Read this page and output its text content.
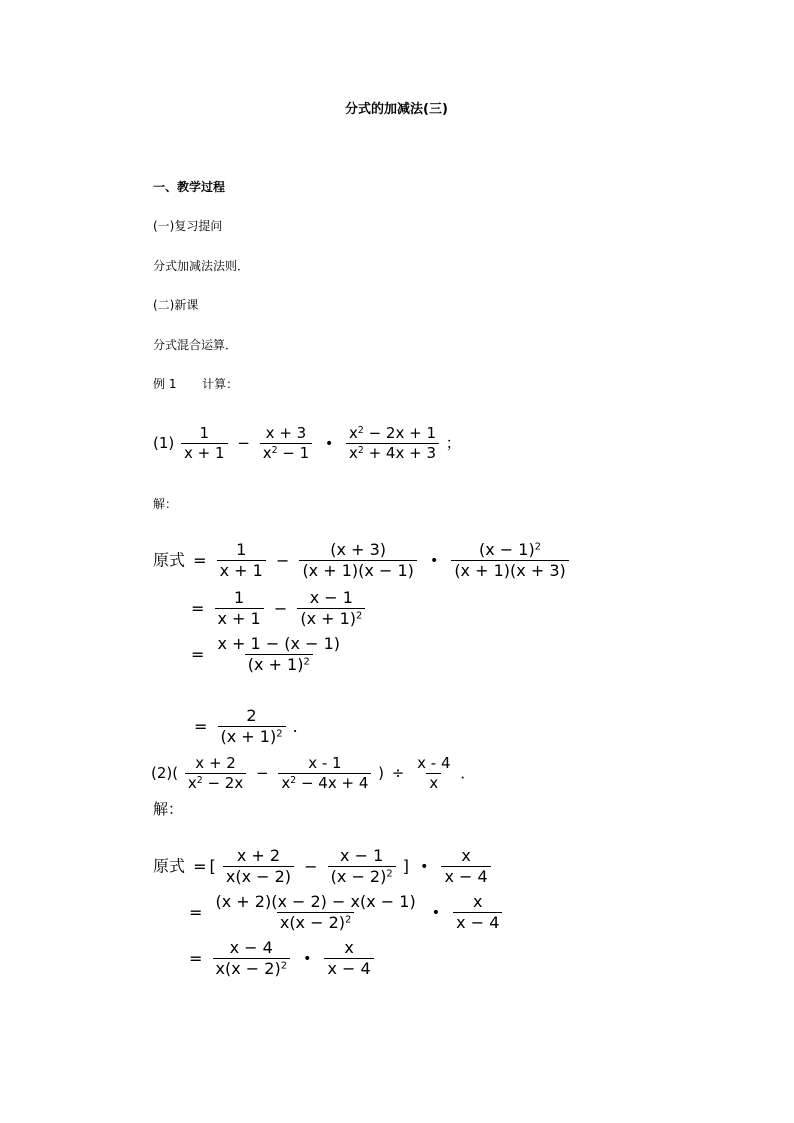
分式的加减法(三)
一、教学过程
(一)复习提问
分式加减法法则．
(二)新课
分式混合运算．
例 1 计算：
$(1) \frac{1}{x + 1} - \frac{x + 3}{x^2 - 1}$ • $\frac{x^2 - 2x + 1}{x^2 + 4x + 3}$ ；
解：
原式 = $\frac{1}{x + 1} - \frac{(x + 3)}{(x + 1)(x - 1)}$ • $\frac{(x - 1)^2}{(x + 1)(x + 3)}$
= $\frac{1}{x + 1} - \frac{x - 1}{(x + 1)^2}$
= $\frac{x + 1 - (x - 1)}{(x + 1)^2}$
= $\frac{2}{(x + 1)^2}$ ．
$(2)( \frac{x + 2}{x^2 - 2x} - \frac{x - 1}{x^2 - 4x + 4}$ ) ÷ $\frac{x - 4}{x}$ ．
解：
原式 = [ $\frac{x + 2}{x(x - 2)} - \frac{x - 1}{(x - 2)^2}$ ] • $\frac{x}{x - 4}$
= $\frac{(x + 2)(x - 2) - x(x - 1)}{x(x - 2)^2}$ • $\frac{x}{x - 4}$
= $\frac{x - 4}{x(x - 2)^2}$ • $\frac{x}{x - 4}$
